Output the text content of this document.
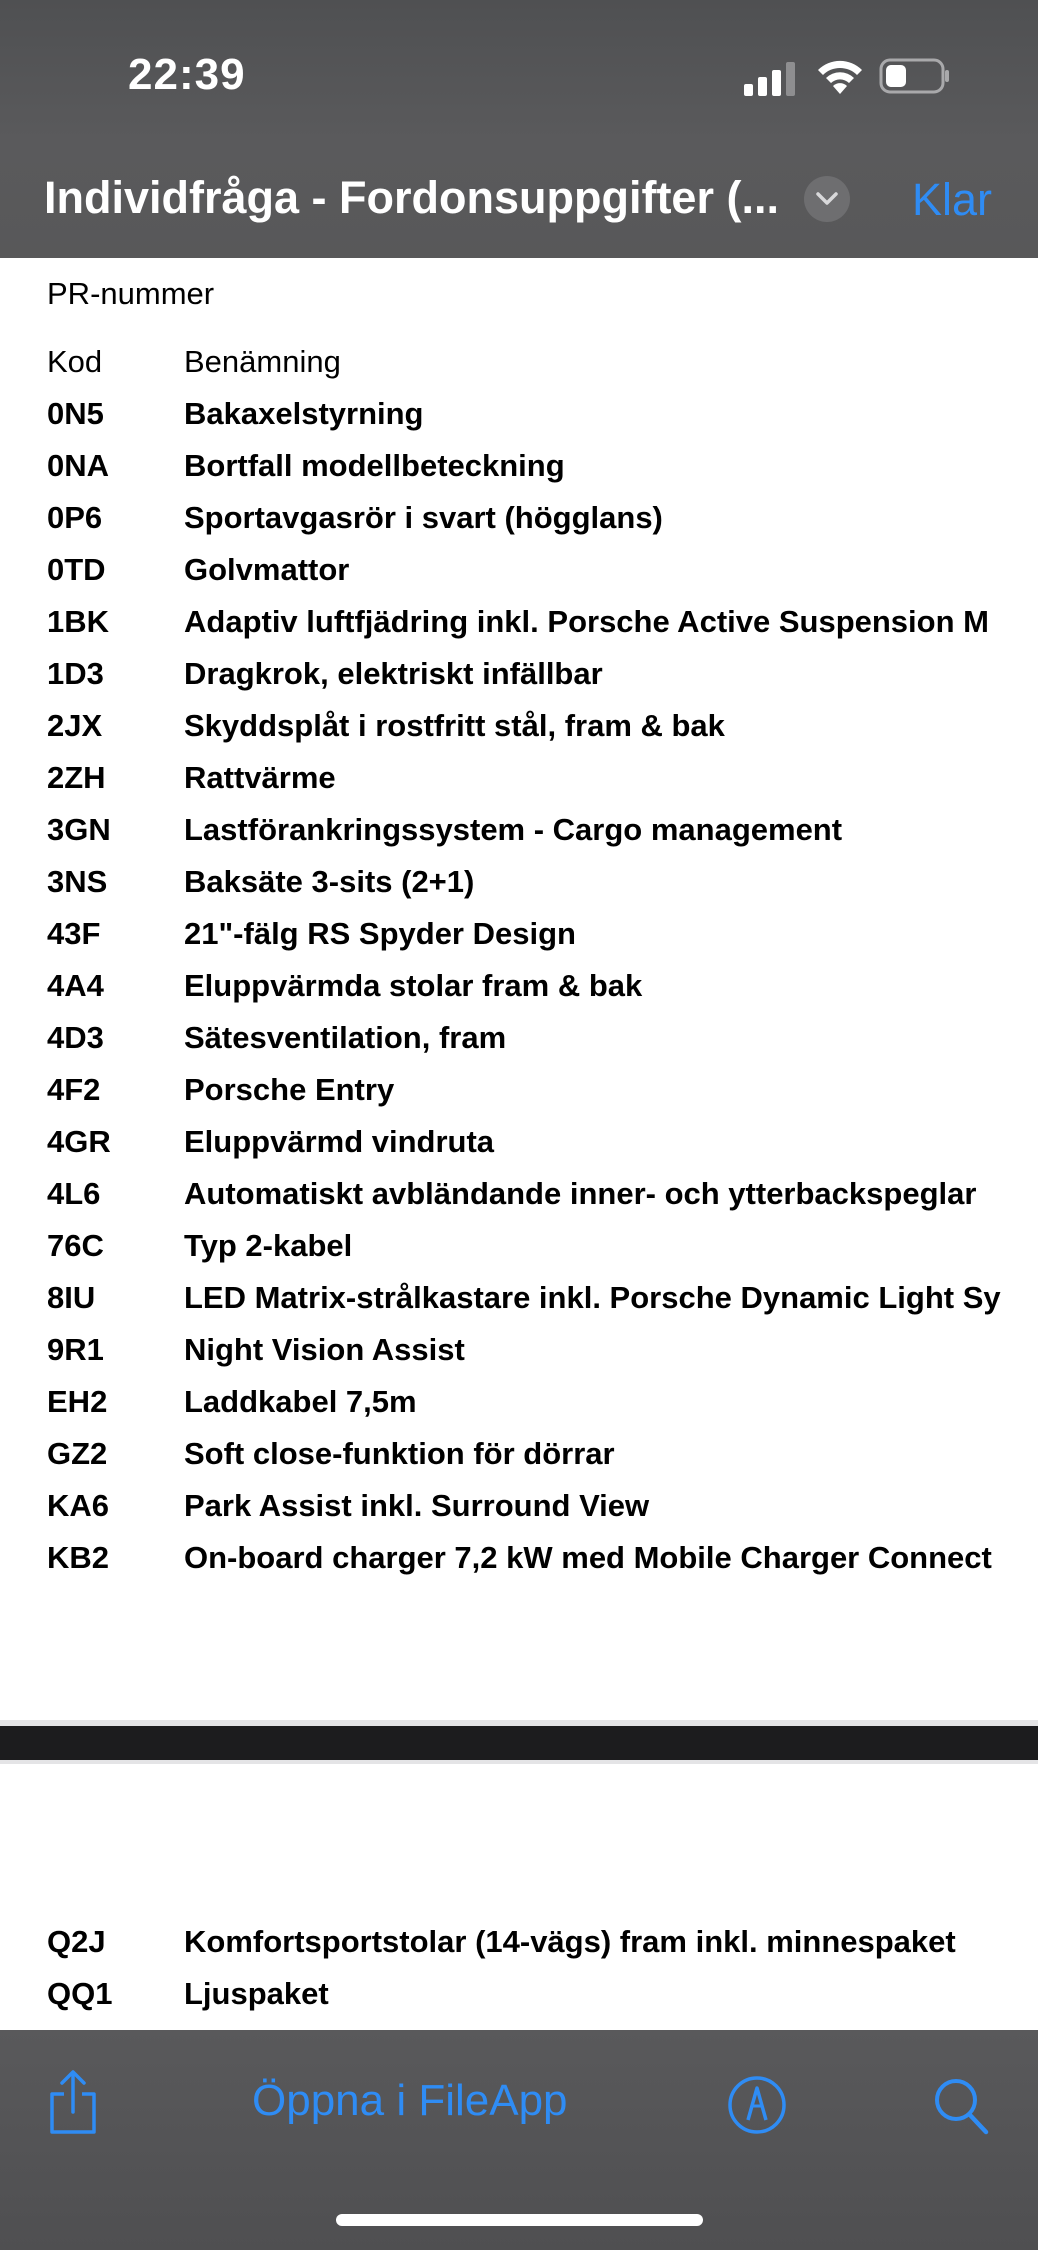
22:39
Individfråga - Fordonsuppgifter (...	Klar
PR-nummer
Kod	Benämning
0N5	Bakaxelstyrning
0NA Bortfall modellbeteckning
0P6	Sportavgasrör i svart (högglans)
0TD	Golvmattor
1BK Adaptiv luftfjädring inkl. Porsche Active Suspension M
1D3	Dragkrok, elektriskt infällbar
2JX	Skyddsplåt i rostfritt stål, fram & bak
2ZH	Rattvärme
3GN Lastförankringssystem - Cargo management
3NS Baksäte 3-sits (2+1)
43F	21"-fälg RS Spyder Design
4A4	Eluppvärmda stolar fram & bak
4D3	Sätesventilation, fram
4F2	Porsche Entry
4GR Eluppvärmd vindruta
4L6	Automatiskt avbländande inner- och ytterbackspeglar
76C	Typ 2-kabel
8IU	LED Matrix-strålkastare inkl. Porsche Dynamic Light Sy
9R1	Night Vision Assist
EH2 Laddkabel 7,5m
GZ2 Soft close-funktion för dörrar
KA6 Park Assist inkl. Surround View
KB2 On-board charger 7,2 kW med Mobile Charger Connect
Q2J	Komfortsportstolar (14-vägs) fram inkl. minnespaket
QQ1 Ljuspaket
Öppna i FileApp
